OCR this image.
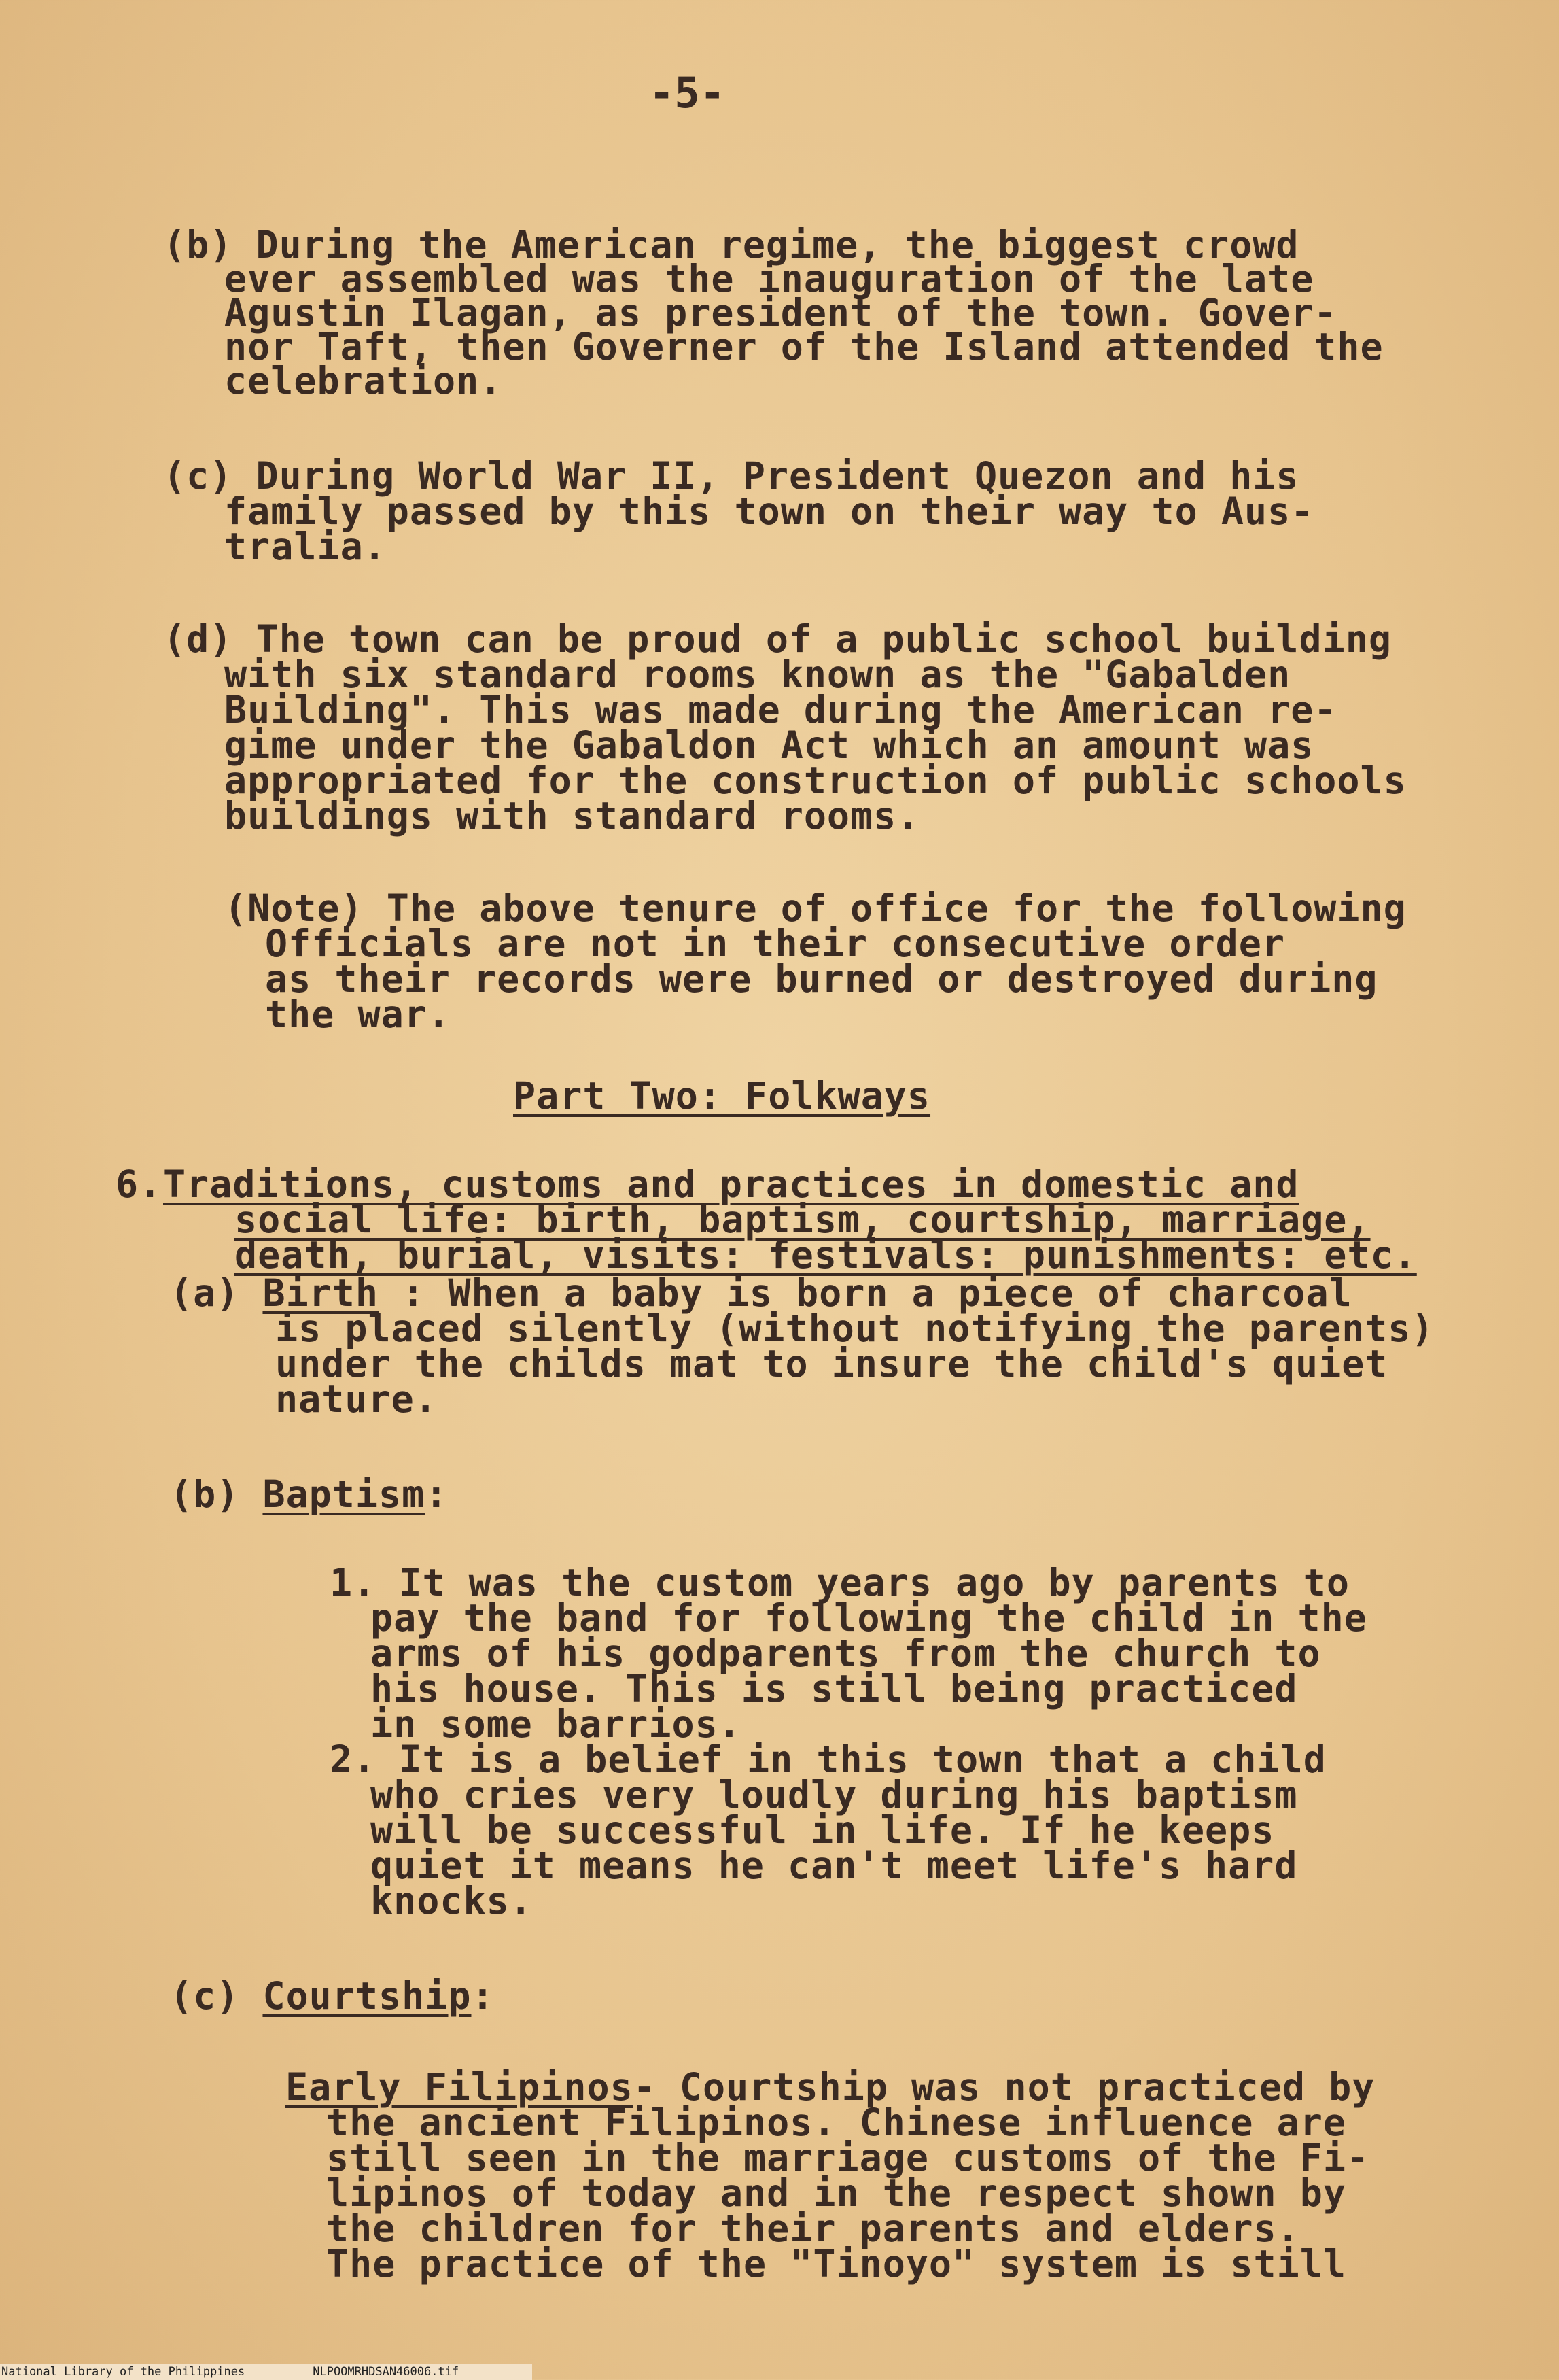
-5-
(b) During the American regime, the biggest crowd
ever assembled was the inauguration of the late
Agustin Ilagan, as president of the town. Gover-
nor Taft, then Governer of the Island attended the
celebration.
(c) During World War II, President Quezon and his
family passed by this town on their way to Aus-
tralia.
(d) The town can be proud of a public school building
with six standard rooms known as the "Gabalden
Building". This was made during the American re-
gime under the Gabaldon Act which an amount was
appropriated for the construction of public schools
buildings with standard rooms.
(Note) The above tenure of office for the following
Officials are not in their consecutive order
as their records were burned or destroyed during
the war.
Part Two: Folkways
6. Traditions, customs and practices in domestic and
social life: birth, baptism, courtship, marriage,
death, burial, visits: festivals: punishments: etc.
(a) Birth : When a baby is born a piece of charcoal
is placed silently (without notifying the parents)
under the childs mat to insure the child's quiet
nature.
(b) Baptism:
1. It was the custom years ago by parents to
pay the band for following the child in the
arms of his godparents from the church to
his house. This is still being practiced
in some barrios.
2. It is a belief in this town that a child
who cries very loudly during his baptism
will be successful in life. If he keeps
quiet it means he can't meet life's hard
knocks.
(c) Courtship:
Early Filipinos- Courtship was not practiced by
the ancient Filipinos. Chinese influence are
still seen in the marriage customs of the Fi-
lipinos of today and in the respect shown by
the children for their parents and elders.
The practice of the "Tinoyo" system is still
National Library of the Philippines	NLPOOMRHDSAN46006.tif
